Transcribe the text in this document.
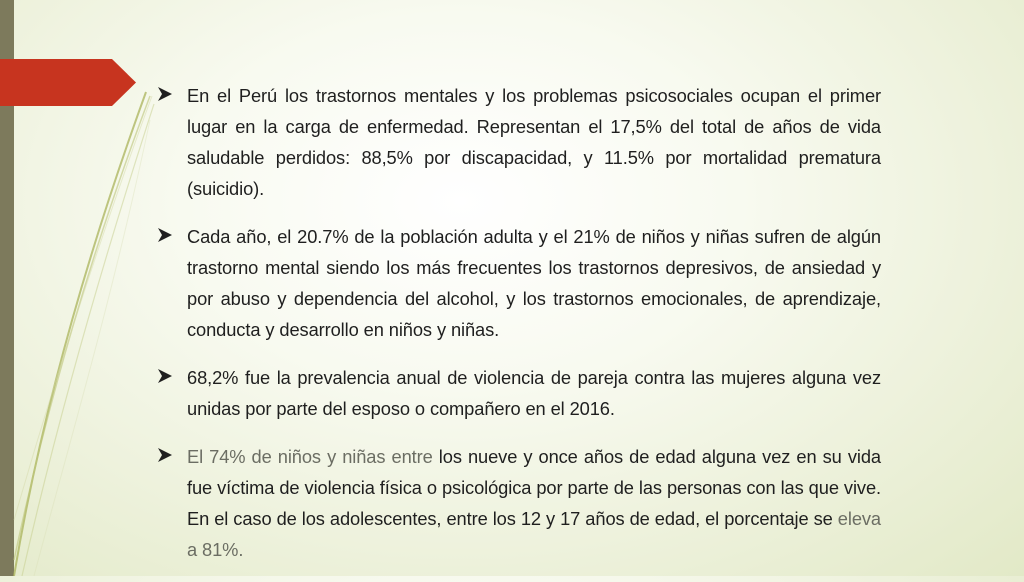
En el Perú los trastornos mentales y los problemas psicosociales ocupan el primer lugar en la carga de enfermedad. Representan el 17,5% del total de años de vida saludable perdidos: 88,5% por discapacidad, y 11.5% por mortalidad prematura (suicidio).

Cada año, el 20.7% de la población adulta y el 21% de niños y niñas sufren de algún trastorno mental siendo los más frecuentes los trastornos depresivos, de ansiedad y por abuso y dependencia del alcohol, y los trastornos emocionales, de aprendizaje, conducta y desarrollo en niños y niñas.

68,2% fue la prevalencia anual de violencia de pareja contra las mujeres alguna vez unidas por parte del esposo o compañero en el 2016.

El 74% de niños y niñas entre los nueve y once años de edad alguna vez en su vida fue víctima de violencia física o psicológica por parte de las personas con las que vive. En el caso de los adolescentes, entre los 12 y 17 años de edad, el porcentaje se eleva a 81%.
